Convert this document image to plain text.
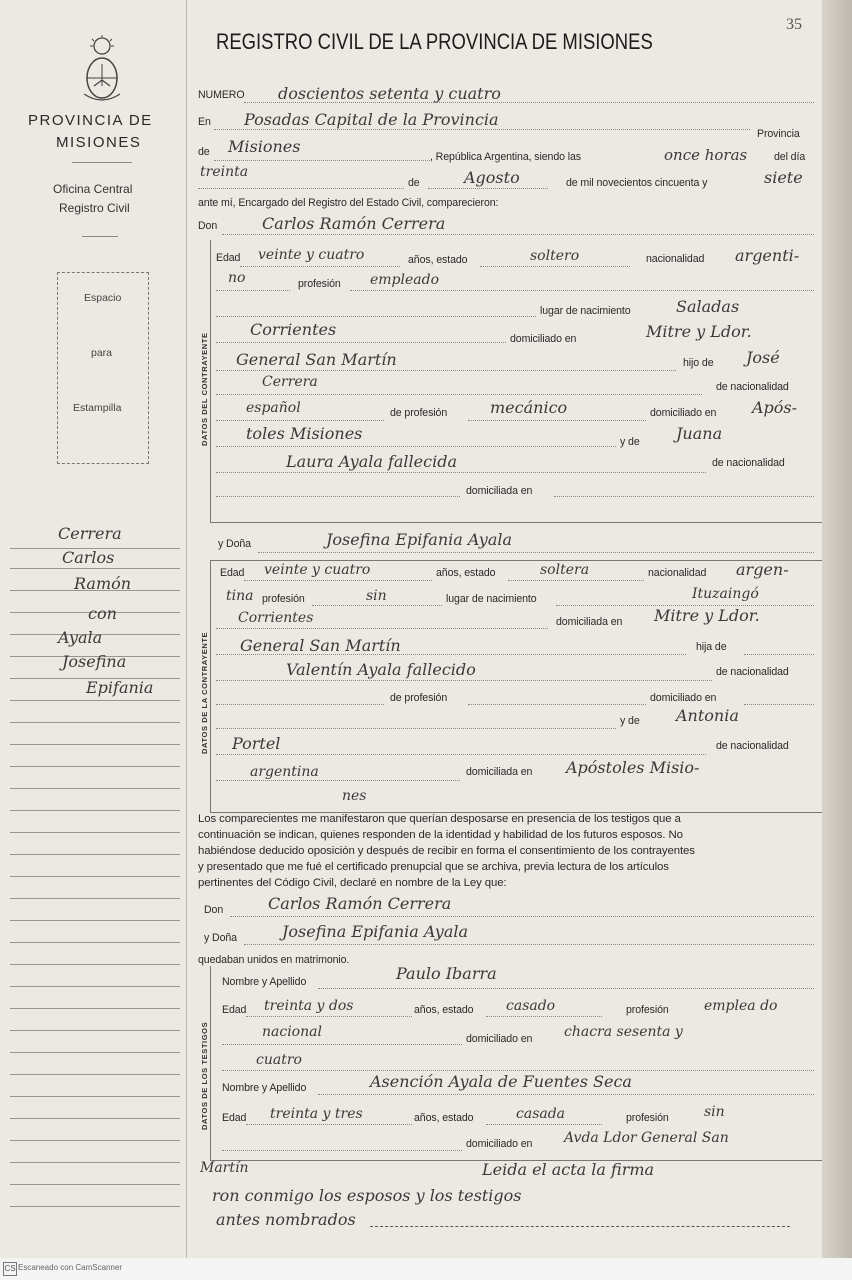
PROVINCIA DE
MISIONES
Oficina Central
Registro Civil
Espacio
para
Estampilla
Cerrera
Carlos
Ramón
con
Ayala
Josefina
Epifania
REGISTRO CIVIL DE LA PROVINCIA DE MISIONES
35
NUMERO doscientos setenta y cuatro
En Posadas Capital de la Provincia
Provincia
de Misiones
, República Argentina, siendo las	once horas	del día
treinta
de	Agosto	de mil novecientos cincuenta y	siete
ante mí, Encargado del Registro del Estado Civil, comparecieron:
Don	Carlos Ramón Cerrera
DATOS DEL CONTRAYENTE
Edad veinte y cuatro	años, estado	soltero	nacionalidad argenti-
no	profesión empleado
lugar de nacimiento	Saladas
Corrientes	domiciliado en	Mitre y Ldor.
General San Martín	hijo de José
Cerrera	de nacionalidad
español	de profesión	mecánico	domiciliado en Após-
toles Misiones	y de Juana
Laura Ayala fallecida	de nacionalidad
domiciliada en
y Doña	Josefina Epifania Ayala
DATOS DE LA CONTRAYENTE
Edad veinte y cuatro	años, estado	soltera	nacionalidad argen-
tina profesión	sin	lugar de nacimiento	Ituzaingó
Corrientes	domiciliada en Mitre y Ldor.
General San Martín	hija de
Valentín Ayala fallecido	de nacionalidad
de profesión	domiciliado en
y de Antonia
Portel	de nacionalidad
argentina	domiciliada en Apóstoles Misio-
nes
Los comparecientes me manifestaron que querían desposarse en presencia de los testigos que a
continuación se indican, quienes responden de la identidad y habilidad de los futuros esposos. No
habiéndose deducido oposición y después de recibir en forma el consentimiento de los contrayentes
y presentado que me fué el certificado prenupcial que se archiva, previa lectura de los artículos
pertinentes del Código Civil, declaré en nombre de la Ley que:
Don	Carlos Ramón Cerrera
y Doña	Josefina Epifania Ayala
quedaban unidos en matrimonio.
DATOS DE LOS TESTIGOS
Nombre y Apellido	Paulo Ibarra
Edad treinta y dos	años, estado casado	profesión	emplea do
nacional	domiciliado en chacra sesenta y
cuatro
Nombre y Apellido	Asención Ayala de Fuentes Seca
Edad treinta y tres	años, estado	casada	profesión	sin
domiciliado en Avda Ldor General San
Martín	Leida el acta la firma
ron conmigo los esposos y los testigos
antes nombrados
CS Escaneado con CamScanner
